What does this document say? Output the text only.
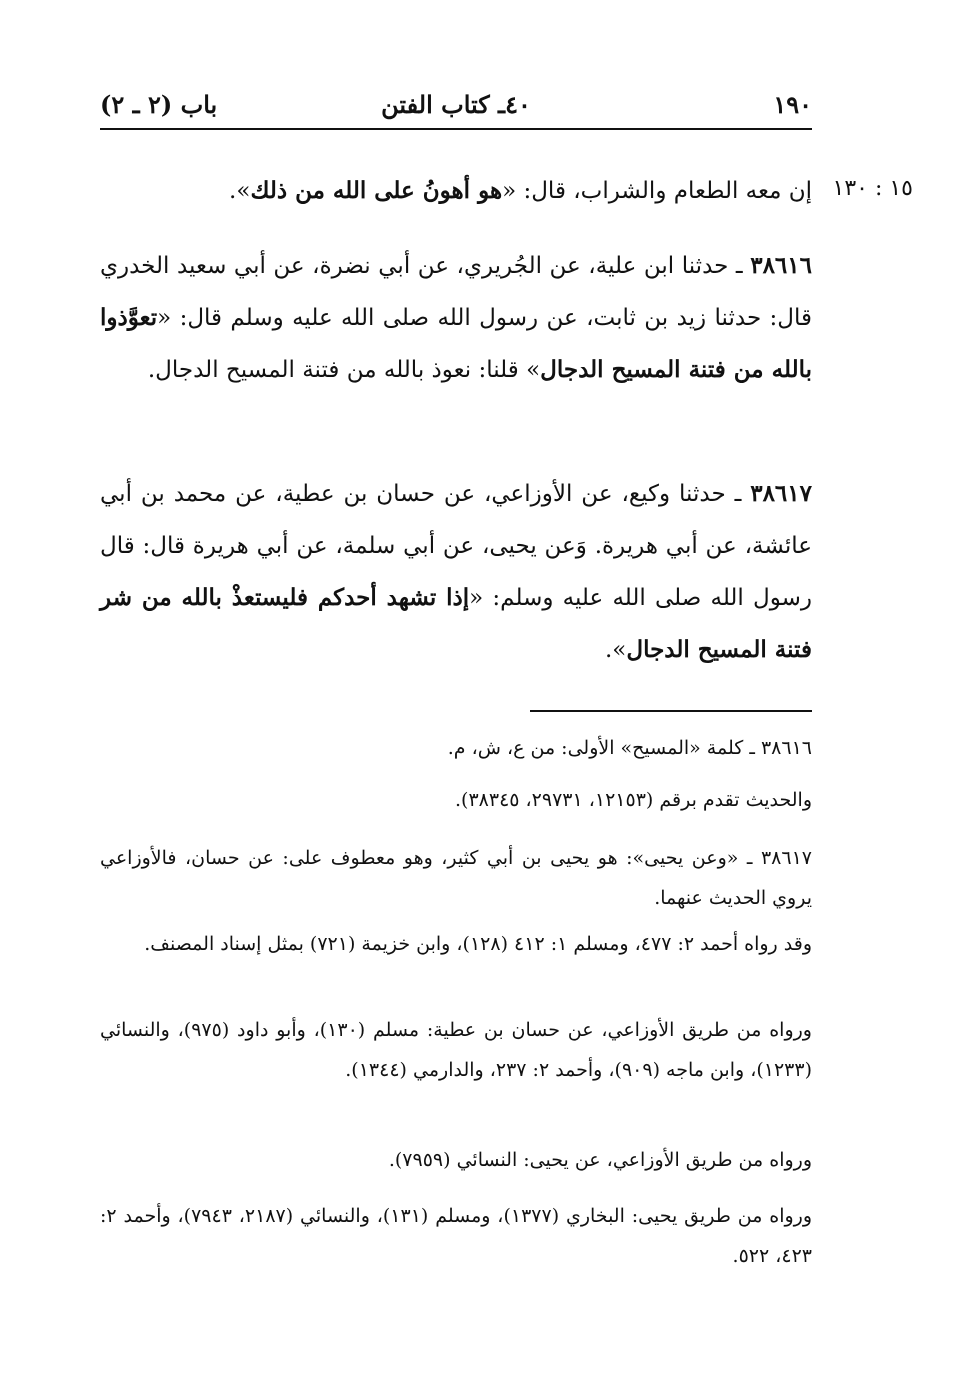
١٩٠
٤٠ـ كتاب الفتن
باب (٢ ـ ٢)
١٥ : ١٣٠
إن معه الطعام والشراب، قال: «هو أهونُ على الله من ذلك».
٣٨٦١٦ ـ حدثنا ابن علية، عن الجُريري، عن أبي نضرة، عن أبي سعيد الخدري قال: حدثنا زيد بن ثابت، عن رسول الله صلى الله عليه وسلم قال: «تعوَّذوا بالله من فتنة المسيح الدجال» قلنا: نعوذ بالله من فتنة المسيح الدجال.
٣٨٦١٧ ـ حدثنا وكيع، عن الأوزاعي، عن حسان بن عطية، عن محمد بن أبي عائشة، عن أبي هريرة. وَعن يحيى، عن أبي سلمة، عن أبي هريرة قال: قال رسول الله صلى الله عليه وسلم: «إذا تشهد أحدكم فليستعذْ بالله من شر فتنة المسيح الدجال».
٣٨٦١٦ ـ كلمة «المسيح» الأولى: من ع، ش، م.
والحديث تقدم برقم (١٢١٥٣، ٢٩٧٣١، ٣٨٣٤٥).
٣٨٦١٧ ـ «وعن يحيى»: هو يحيى بن أبي كثير، وهو معطوف على: عن حسان، فالأوزاعي يروي الحديث عنهما.
وقد رواه أحمد ٢: ٤٧٧، ومسلم ١: ٤١٢ (١٢٨)، وابن خزيمة (٧٢١) بمثل إسناد المصنف.
ورواه من طريق الأوزاعي، عن حسان بن عطية: مسلم (١٣٠)، وأبو داود (٩٧٥)، والنسائي (١٢٣٣)، وابن ماجه (٩٠٩)، وأحمد ٢: ٢٣٧، والدارمي (١٣٤٤).
ورواه من طريق الأوزاعي، عن يحيى: النسائي (٧٩٥٩).
ورواه من طريق يحيى: البخاري (١٣٧٧)، ومسلم (١٣١)، والنسائي (٢١٨٧، ٧٩٤٣)، وأحمد ٢: ٤٢٣، ٥٢٢.
